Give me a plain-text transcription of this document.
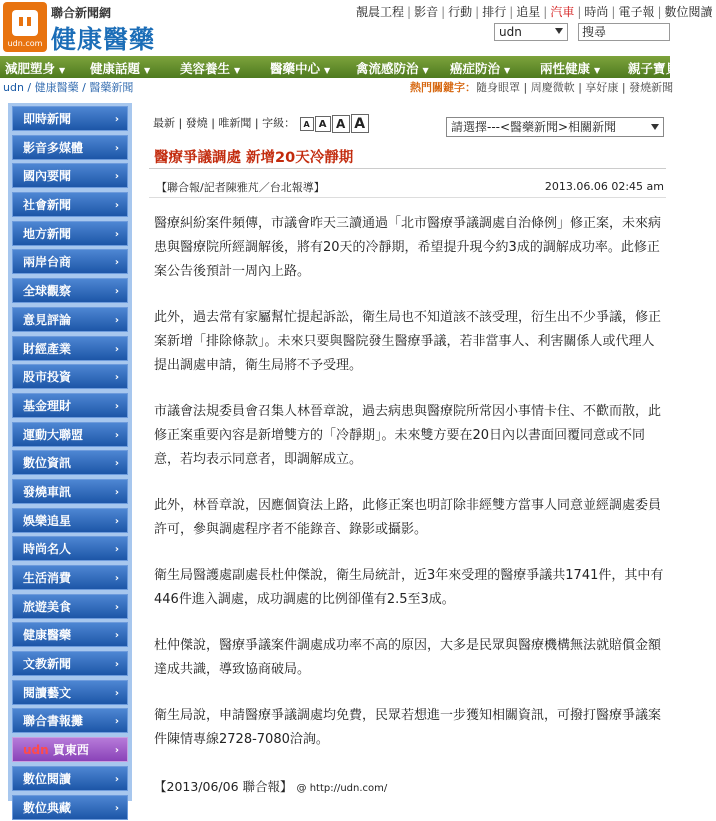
udn.com
聯合新聞網
健康醫藥
靚晨工程 | 影音 | 行動 | 排行 | 追星 | 汽車 | 時尚 | 電子報 | 數位閱讀
udn	搜尋
減肥塑身 ▼ 健康話題 ▼ 美容養生 ▼ 醫藥中心 ▼ 禽流感防治 ▼ 癌症防治 ▼ 兩性健康 ▼ 親子寶貝
udn / 健康醫藥 / 醫藥新聞	熱門關鍵字：隨身眼罩 | 周慶微軟 | 享好康 | 發燒新聞
即時新聞	›
影音多媒體	›
國內要聞	›
社會新聞	›
地方新聞	›
兩岸台商	›
全球觀察	›
意見評論	›
財經產業	›
股市投資	›
基金理財	›
運動大聯盟	›
數位資訊	›
發燒車訊	›
娛樂追星	›
時尚名人	›
生活消費	›
旅遊美食	›
健康醫藥	›
文教新聞	›
閱讀藝文	›
聯合書報攤	›
udn 買東西	›
數位閱讀	›
數位典藏	›
最新 | 發燒 | 唯新聞 | 字級： A A A A	請選擇---<醫藥新聞>相關新聞
醫療爭議調處 新增20天冷靜期
【聯合報/記者陳雅芃／台北報導】	2013.06.06 02:45 am

醫療糾紛案件頻傳，市議會昨天三讀通過「北市醫療爭議調處自治條例」修正案，未來病患與醫療院所經調解後，將有20天的冷靜期，希望提升現今約3成的調解成功率。此修正案公告後預計一周內上路。

此外，過去常有家屬幫忙提起訴訟，衛生局也不知道該不該受理，衍生出不少爭議，修正案新增「排除條款」。未來只要與醫院發生醫療爭議，若非當事人、利害關係人或代理人提出調處申請，衛生局將不予受理。

市議會法規委員會召集人林晉章說，過去病患與醫療院所常因小事情卡住、不歡而散，此修正案重要內容是新增雙方的「冷靜期」。未來雙方要在20日內以書面回覆同意或不同意，若均表示同意者，即調解成立。

此外，林晉章說，因應個資法上路，此修正案也明訂除非經雙方當事人同意並經調處委員許可，參與調處程序者不能錄音、錄影或攝影。

衛生局醫護處副處長杜仲傑說，衛生局統計，近3年來受理的醫療爭議共1741件，其中有446件進入調處，成功調處的比例卻僅有2.5至3成。

杜仲傑說，醫療爭議案件調處成功率不高的原因，大多是民眾與醫療機構無法就賠償金額達成共識，導致協商破局。

衛生局說，申請醫療爭議調處均免費，民眾若想進一步獲知相關資訊，可撥打醫療爭議案件陳情專線2728-7080洽詢。

【2013/06/06 聯合報】 @ http://udn.com/
